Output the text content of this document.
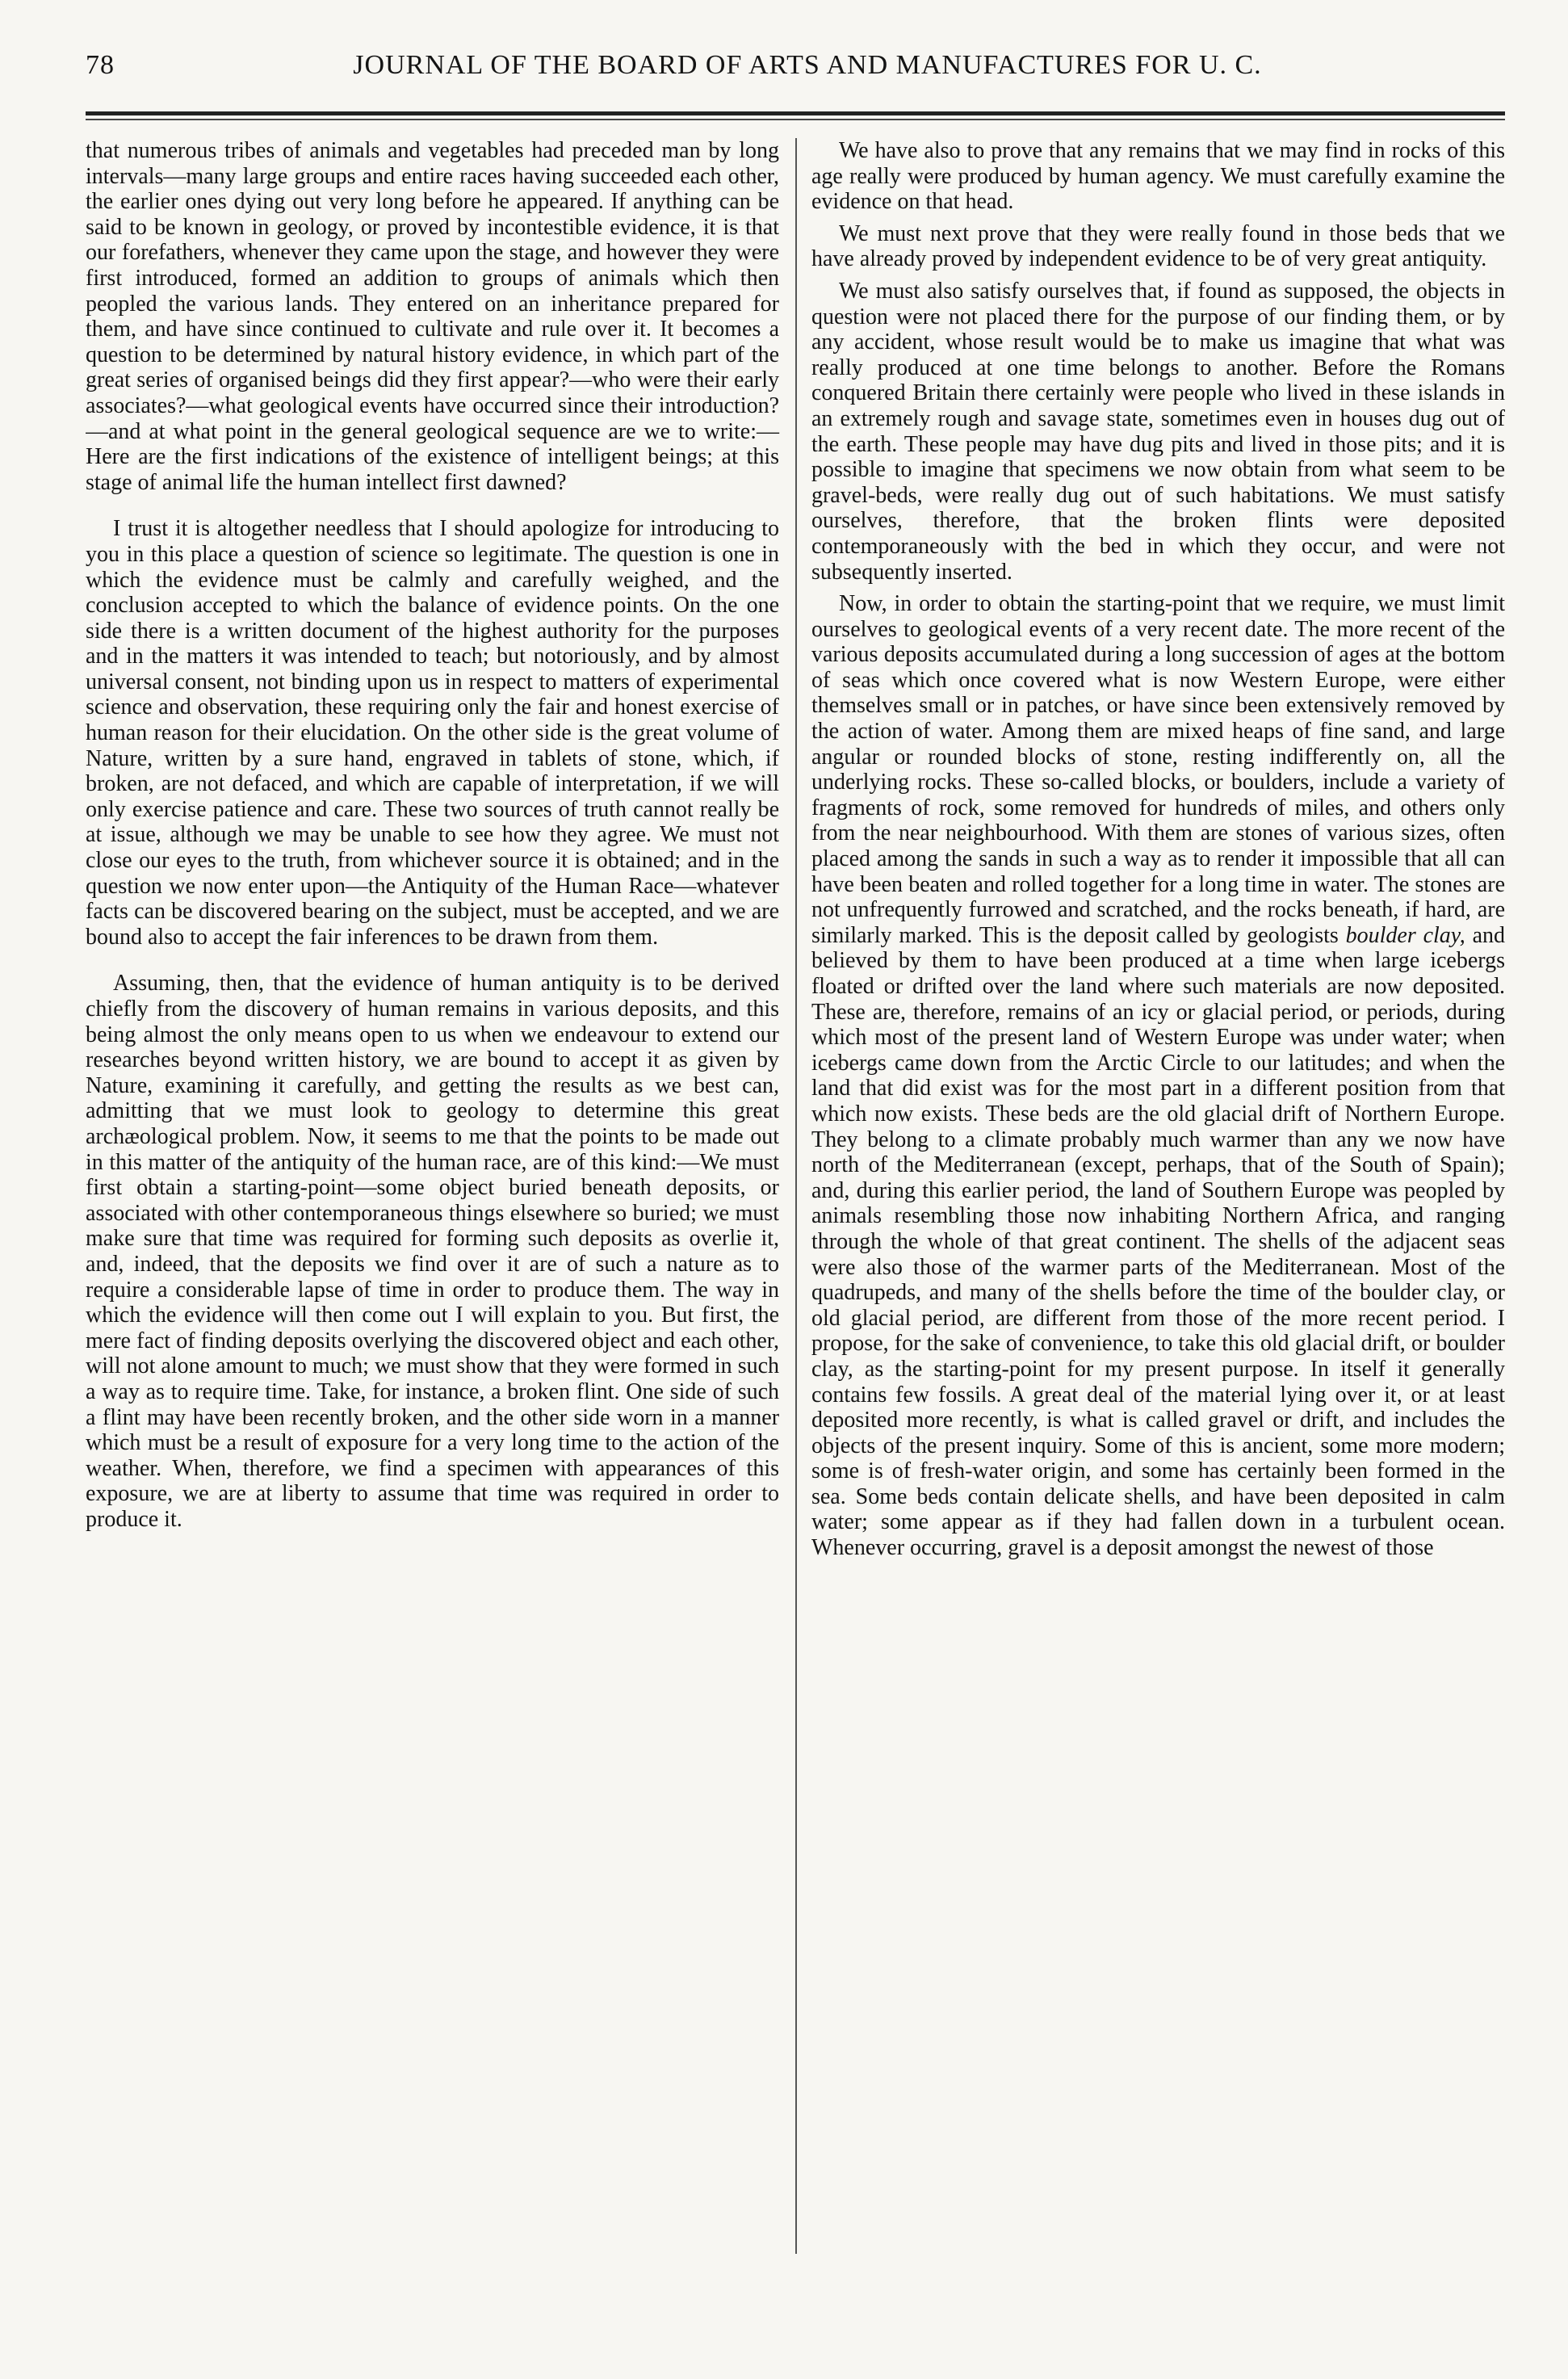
78	JOURNAL OF THE BOARD OF ARTS AND MANUFACTURES FOR U. C.

that numerous tribes of animals and vegetables had preceded man by long intervals—many large groups and entire races having succeeded each other, the earlier ones dying out very long before he appeared. If anything can be said to be known in geology, or proved by incontestible evidence, it is that our forefathers, whenever they came upon the stage, and however they were first introduced, formed an addition to groups of animals which then peopled the various lands. They entered on an inheritance prepared for them, and have since continued to cultivate and rule over it. It becomes a question to be determined by natural history evidence, in which part of the great series of organised beings did they first appear?—who were their early associates?—what geological events have occurred since their introduction?—and at what point in the general geological sequence are we to write:—Here are the first indications of the existence of intelligent beings; at this stage of animal life the human intellect first dawned?

I trust it is altogether needless that I should apologize for introducing to you in this place a question of science so legitimate. The question is one in which the evidence must be calmly and carefully weighed, and the conclusion accepted to which the balance of evidence points. On the one side there is a written document of the highest authority for the purposes and in the matters it was intended to teach; but notoriously, and by almost universal consent, not binding upon us in respect to matters of experimental science and observation, these requiring only the fair and honest exercise of human reason for their elucidation. On the other side is the great volume of Nature, written by a sure hand, engraved in tablets of stone, which, if broken, are not defaced, and which are capable of interpretation, if we will only exercise patience and care. These two sources of truth cannot really be at issue, although we may be unable to see how they agree. We must not close our eyes to the truth, from whichever source it is obtained; and in the question we now enter upon—the Antiquity of the Human Race—whatever facts can be discovered bearing on the subject, must be accepted, and we are bound also to accept the fair inferences to be drawn from them.

Assuming, then, that the evidence of human antiquity is to be derived chiefly from the discovery of human remains in various deposits, and this being almost the only means open to us when we endeavour to extend our researches beyond written history, we are bound to accept it as given by Nature, examining it carefully, and getting the results as we best can, admitting that we must look to geology to determine this great archæological problem. Now, it seems to me that the points to be made out in this matter of the antiquity of the human race, are of this kind:—We must first obtain a starting-point—some object buried beneath deposits, or associated with other contemporaneous things elsewhere so buried; we must make sure that time was required for forming such deposits as overlie it, and, indeed, that the deposits we find over it are of such a nature as to require a considerable lapse of time in order to produce them. The way in which the evidence will then come out I will explain to you. But first, the mere fact of finding deposits overlying the discovered object and each other, will not alone amount to much; we must show that they were formed in such a way as to require time. Take, for instance, a broken flint. One side of such a flint may have been recently broken, and the other side worn in a manner which must be a result of exposure for a very long time to the action of the weather. When, therefore, we find a specimen with appearances of this exposure, we are at liberty to assume that time was required in order to produce it.

We have also to prove that any remains that we may find in rocks of this age really were produced by human agency. We must carefully examine the evidence on that head.

We must next prove that they were really found in those beds that we have already proved by independent evidence to be of very great antiquity.

We must also satisfy ourselves that, if found as supposed, the objects in question were not placed there for the purpose of our finding them, or by any accident, whose result would be to make us imagine that what was really produced at one time belongs to another. Before the Romans conquered Britain there certainly were people who lived in these islands in an extremely rough and savage state, sometimes even in houses dug out of the earth. These people may have dug pits and lived in those pits; and it is possible to imagine that specimens we now obtain from what seem to be gravel-beds, were really dug out of such habitations. We must satisfy ourselves, therefore, that the broken flints were deposited contemporaneously with the bed in which they occur, and were not subsequently inserted.

Now, in order to obtain the starting-point that we require, we must limit ourselves to geological events of a very recent date. The more recent of the various deposits accumulated during a long succession of ages at the bottom of seas which once covered what is now Western Europe, were either themselves small or in patches, or have since been extensively removed by the action of water. Among them are mixed heaps of fine sand, and large angular or rounded blocks of stone, resting indifferently on, all the underlying rocks. These so-called blocks, or boulders, include a variety of fragments of rock, some removed for hundreds of miles, and others only from the near neighbourhood. With them are stones of various sizes, often placed among the sands in such a way as to render it impossible that all can have been beaten and rolled together for a long time in water. The stones are not unfrequently furrowed and scratched, and the rocks beneath, if hard, are similarly marked. This is the deposit called by geologists boulder clay, and believed by them to have been produced at a time when large icebergs floated or drifted over the land where such materials are now deposited. These are, therefore, remains of an icy or glacial period, or periods, during which most of the present land of Western Europe was under water; when icebergs came down from the Arctic Circle to our latitudes; and when the land that did exist was for the most part in a different position from that which now exists. These beds are the old glacial drift of Northern Europe. They belong to a climate probably much warmer than any we now have north of the Mediterranean (except, perhaps, that of the South of Spain); and, during this earlier period, the land of Southern Europe was peopled by animals resembling those now inhabiting Northern Africa, and ranging through the whole of that great continent. The shells of the adjacent seas were also those of the warmer parts of the Mediterranean. Most of the quadrupeds, and many of the shells before the time of the boulder clay, or old glacial period, are different from those of the more recent period. I propose, for the sake of convenience, to take this old glacial drift, or boulder clay, as the starting-point for my present purpose. In itself it generally contains few fossils. A great deal of the material lying over it, or at least deposited more recently, is what is called gravel or drift, and includes the objects of the present inquiry. Some of this is ancient, some more modern; some is of fresh-water origin, and some has certainly been formed in the sea. Some beds contain delicate shells, and have been deposited in calm water; some appear as if they had fallen down in a turbulent ocean. Whenever occurring, gravel is a deposit amongst the newest of those
